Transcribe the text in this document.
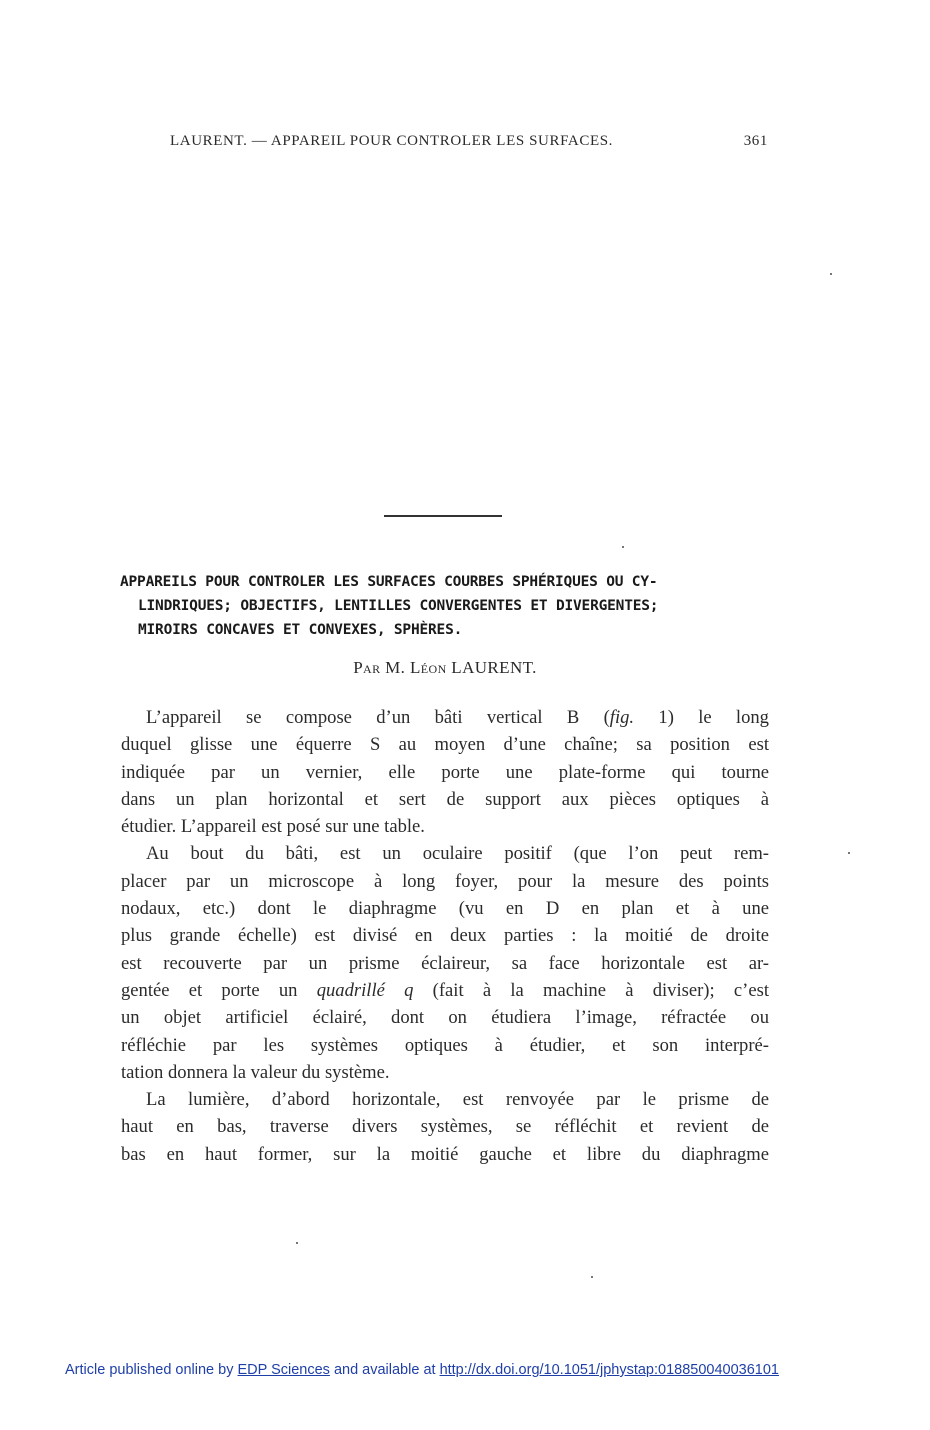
LAURENT. — APPAREIL POUR CONTROLER LES SURFACES.	361
APPAREILS POUR CONTROLER LES SURFACES COURBES SPHÉRIQUES OU CY-
LINDRIQUES; OBJECTIFS, LENTILLES CONVERGENTES ET DIVERGENTES;
MIROIRS CONCAVES ET CONVEXES, SPHÈRES.
Par M. Léon LAURENT.
L’appareil se compose d’un bâti vertical B (fig. 1) le long
duquel glisse une équerre S au moyen d’une chaîne; sa position est
indiquée par un vernier, elle porte une plate-forme qui tourne
dans un plan horizontal et sert de support aux pièces optiques à
étudier. L’appareil est posé sur une table.
Au bout du bâti, est un oculaire positif (que l’on peut rem-
placer par un microscope à long foyer, pour la mesure des points
nodaux, etc.) dont le diaphragme (vu en D en plan et à une
plus grande échelle) est divisé en deux parties : la moitié de droite
est recouverte par un prisme éclaireur, sa face horizontale est ar-
gentée et porte un quadrillé q (fait à la machine à diviser); c’est
un objet artificiel éclairé, dont on étudiera l’image, réfractée ou
réfléchie par les systèmes optiques à étudier, et son interpré-
tation donnera la valeur du système.
La lumière, d’abord horizontale, est renvoyée par le prisme de
haut en bas, traverse divers systèmes, se réfléchit et revient de
bas en haut former, sur la moitié gauche et libre du diaphragme
Article published online by EDP Sciences and available at http://dx.doi.org/10.1051/jphystap:018850040036101
